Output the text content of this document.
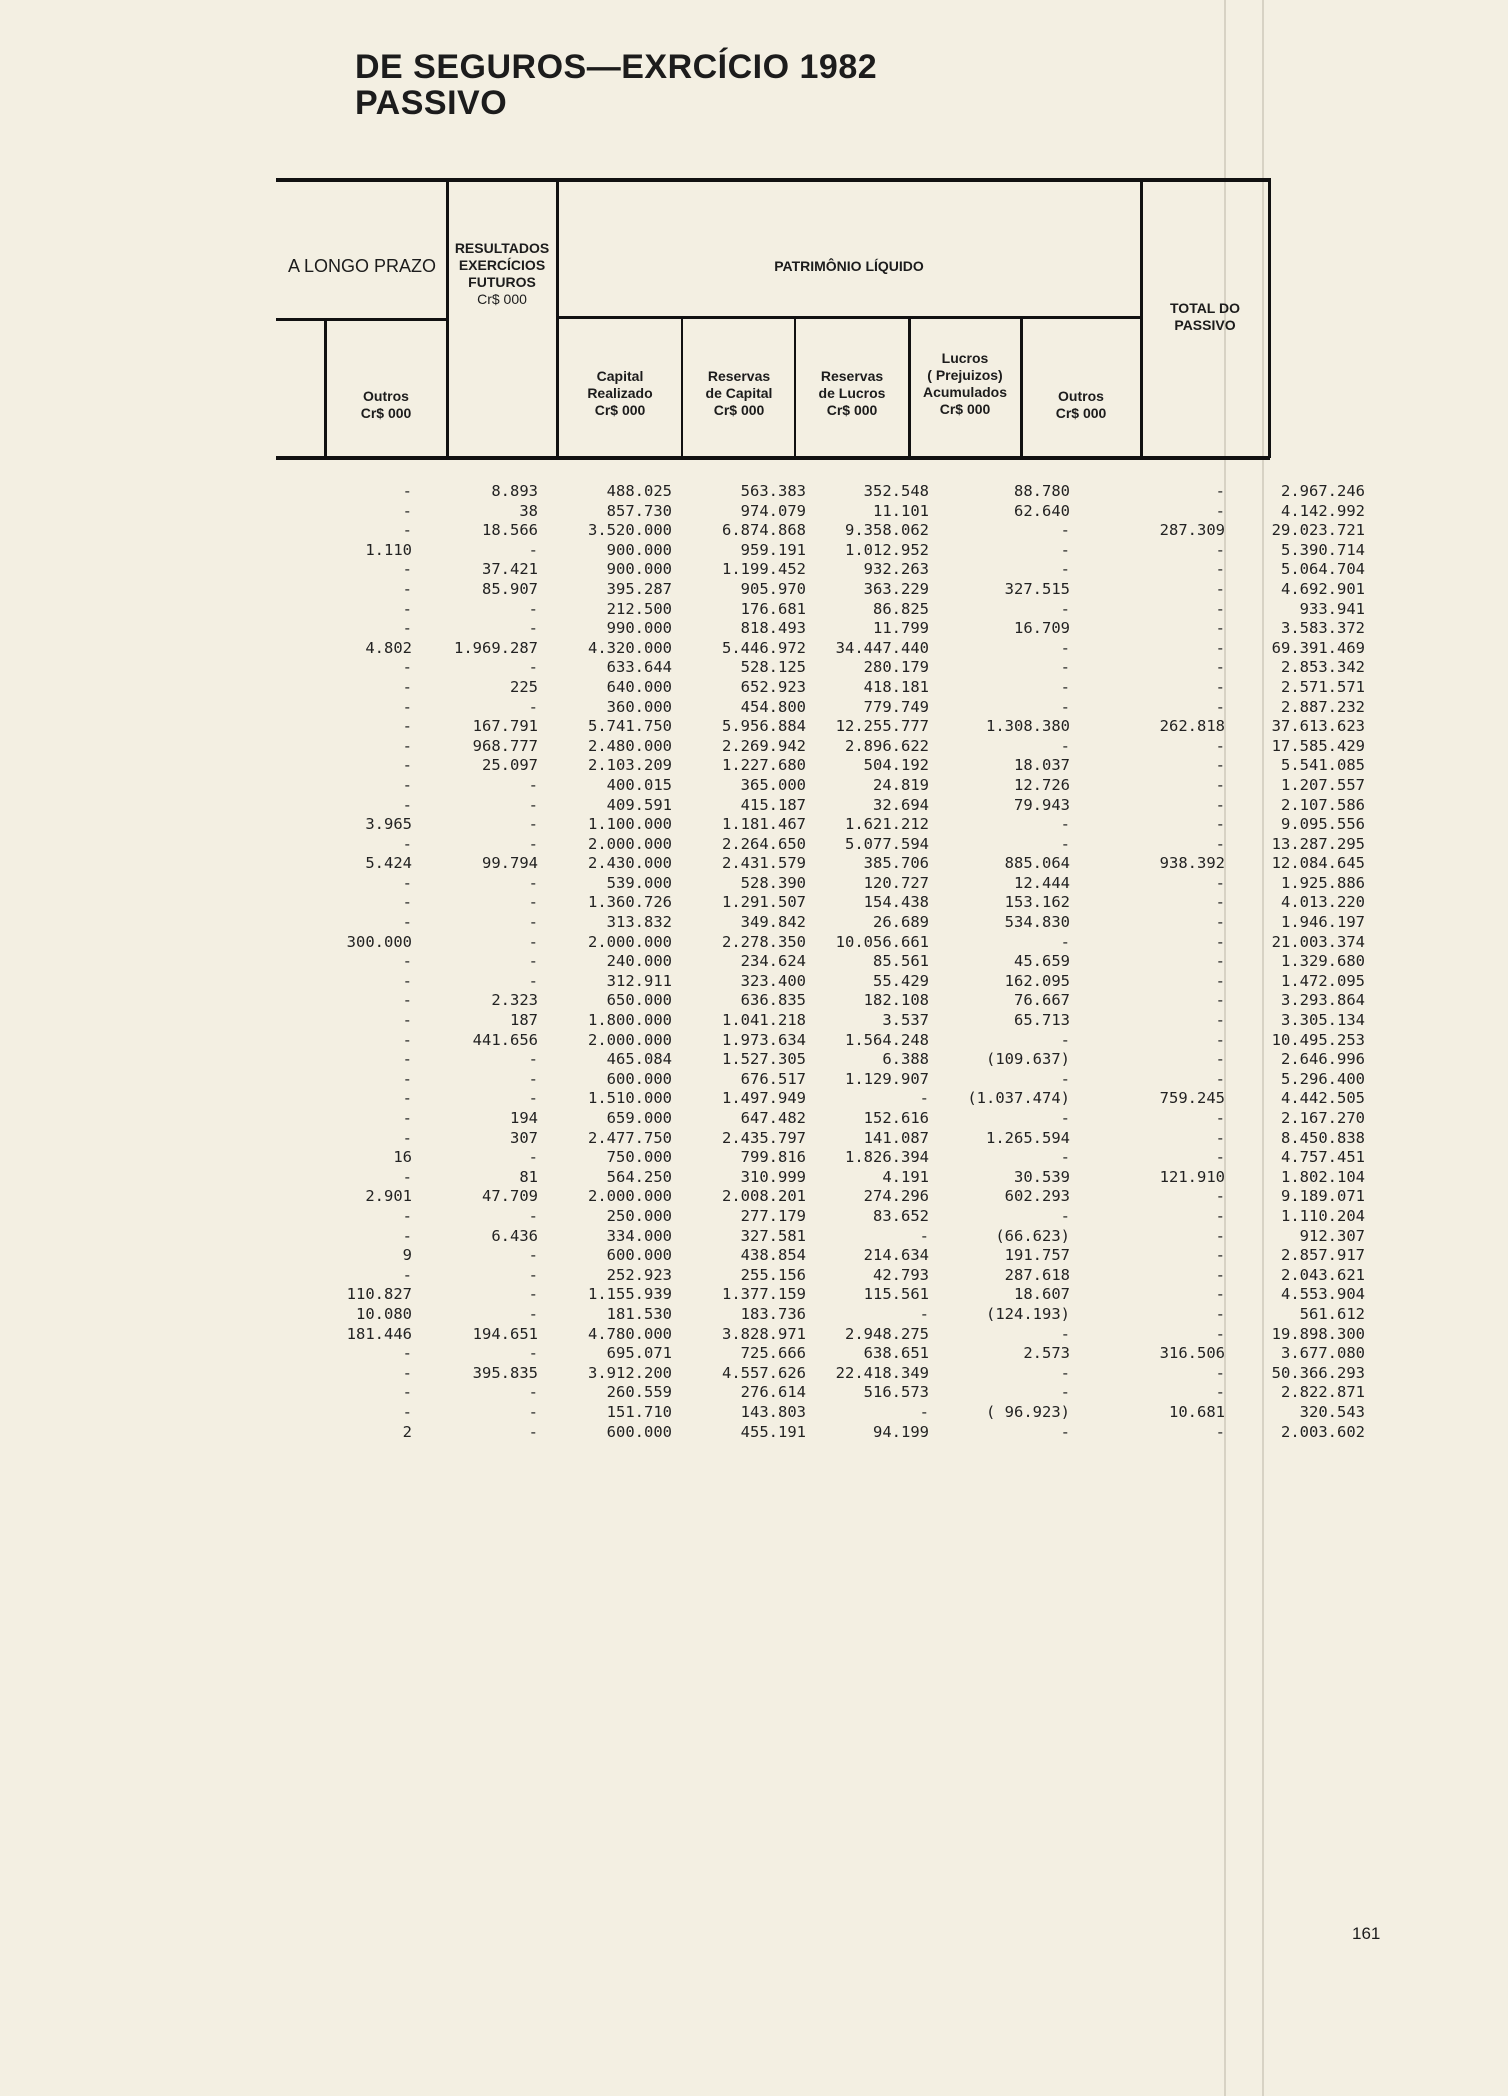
DE SEGUROS—EXRCÍCIO 1982
PASSIVO
A LONGO PRAZO
Outros
Cr$ 000
RESULTADOS
EXERCÍCIOS
FUTUROS
Cr$ 000
PATRIMÔNIO LÍQUIDO
Capital
Realizado
Cr$ 000
Reservas
de Capital
Cr$ 000
Reservas
de Lucros
Cr$ 000
Lucros
( Prejuizos)
Acumulados
Cr$ 000
Outros
Cr$ 000
TOTAL DO
PASSIVO
-	8.893	488.025	563.383	352.548	88.780	-	2.967.246
-	38	857.730	974.079	11.101	62.640	-	4.142.992
-	18.566	3.520.000	6.874.868	9.358.062	-	287.309	29.023.721
1.110	-	900.000	959.191	1.012.952	-	-	5.390.714
-	37.421	900.000	1.199.452	932.263	-	-	5.064.704
-	85.907	395.287	905.970	363.229	327.515	-	4.692.901
-	-	212.500	176.681	86.825	-	-	933.941
-	-	990.000	818.493	11.799	16.709	-	3.583.372
4.802	1.969.287	4.320.000	5.446.972	34.447.440	-	-	69.391.469
-	-	633.644	528.125	280.179	-	-	2.853.342
-	225	640.000	652.923	418.181	-	-	2.571.571
-	-	360.000	454.800	779.749	-	-	2.887.232
-	167.791	5.741.750	5.956.884	12.255.777	1.308.380	262.818	37.613.623
-	968.777	2.480.000	2.269.942	2.896.622	-	-	17.585.429
-	25.097	2.103.209	1.227.680	504.192	18.037	-	5.541.085
-	-	400.015	365.000	24.819	12.726	-	1.207.557
-	-	409.591	415.187	32.694	79.943	-	2.107.586
3.965	-	1.100.000	1.181.467	1.621.212	-	-	9.095.556
-	-	2.000.000	2.264.650	5.077.594	-	-	13.287.295
5.424	99.794	2.430.000	2.431.579	385.706	885.064	938.392	12.084.645
-	-	539.000	528.390	120.727	12.444	-	1.925.886
-	-	1.360.726	1.291.507	154.438	153.162	-	4.013.220
-	-	313.832	349.842	26.689	534.830	-	1.946.197
300.000	-	2.000.000	2.278.350	10.056.661	-	-	21.003.374
-	-	240.000	234.624	85.561	45.659	-	1.329.680
-	-	312.911	323.400	55.429	162.095	-	1.472.095
-	2.323	650.000	636.835	182.108	76.667	-	3.293.864
-	187	1.800.000	1.041.218	3.537	65.713	-	3.305.134
-	441.656	2.000.000	1.973.634	1.564.248	-	-	10.495.253
-	-	465.084	1.527.305	6.388	(109.637)	-	2.646.996
-	-	600.000	676.517	1.129.907	-	-	5.296.400
-	-	1.510.000	1.497.949	-	(1.037.474)	759.245	4.442.505
-	194	659.000	647.482	152.616	-	-	2.167.270
-	307	2.477.750	2.435.797	141.087	1.265.594	-	8.450.838
16	-	750.000	799.816	1.826.394	-	-	4.757.451
-	81	564.250	310.999	4.191	30.539	121.910	1.802.104
2.901	47.709	2.000.000	2.008.201	274.296	602.293	-	9.189.071
-	-	250.000	277.179	83.652	-	-	1.110.204
-	6.436	334.000	327.581	-	(66.623)	-	912.307
9	-	600.000	438.854	214.634	191.757	-	2.857.917
-	-	252.923	255.156	42.793	287.618	-	2.043.621
110.827	-	1.155.939	1.377.159	115.561	18.607	-	4.553.904
10.080	-	181.530	183.736	-	(124.193)	-	561.612
181.446	194.651	4.780.000	3.828.971	2.948.275	-	-	19.898.300
-	-	695.071	725.666	638.651	2.573	316.506	3.677.080
-	395.835	3.912.200	4.557.626	22.418.349	-	-	50.366.293
-	-	260.559	276.614	516.573	-	-	2.822.871
-	-	151.710	143.803	-	( 96.923)	10.681	320.543
2	-	600.000	455.191	94.199	-	-	2.003.602
161
